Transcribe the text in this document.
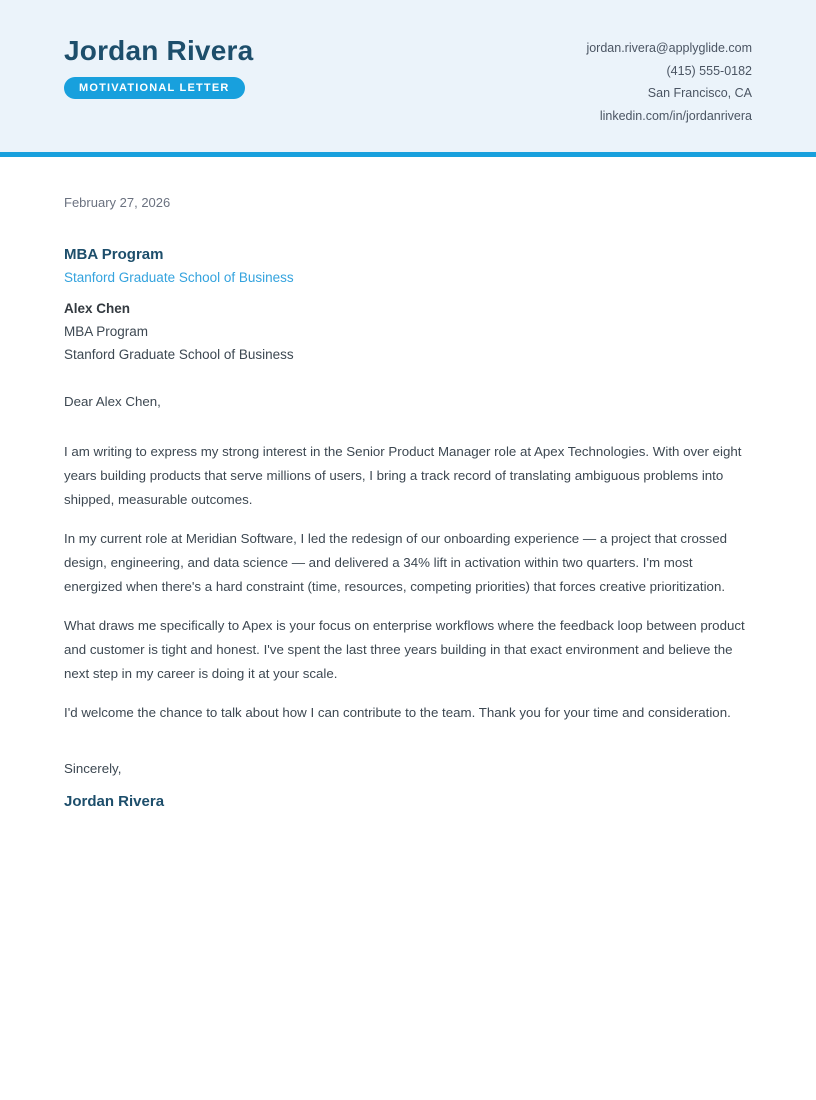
Jordan Rivera
MOTIVATIONAL LETTER
jordan.rivera@applyglide.com
(415) 555-0182
San Francisco, CA
linkedin.com/in/jordanrivera
February 27, 2026
MBA Program
Stanford Graduate School of Business
Alex Chen
MBA Program
Stanford Graduate School of Business
Dear Alex Chen,

I am writing to express my strong interest in the Senior Product Manager role at Apex Technologies. With over eight years building products that serve millions of users, I bring a track record of translating ambiguous problems into shipped, measurable outcomes.

In my current role at Meridian Software, I led the redesign of our onboarding experience — a project that crossed design, engineering, and data science — and delivered a 34% lift in activation within two quarters. I'm most energized when there's a hard constraint (time, resources, competing priorities) that forces creative prioritization.

What draws me specifically to Apex is your focus on enterprise workflows where the feedback loop between product and customer is tight and honest. I've spent the last three years building in that exact environment and believe the next step in my career is doing it at your scale.

I'd welcome the chance to talk about how I can contribute to the team. Thank you for your time and consideration.

Sincerely,
Jordan Rivera
